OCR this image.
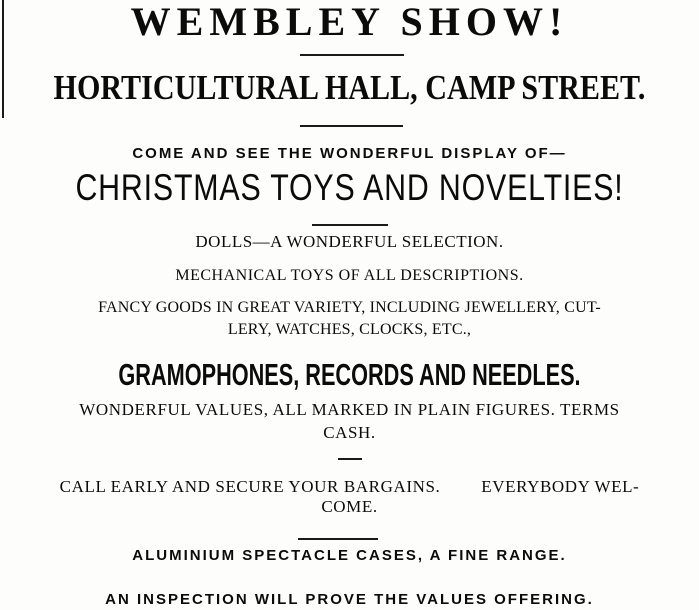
WEMBLEY SHOW!
HORTICULTURAL HALL, CAMP STREET.
COME AND SEE THE WONDERFUL DISPLAY OF—
CHRISTMAS TOYS AND NOVELTIES!
DOLLS—A WONDERFUL SELECTION.
MECHANICAL TOYS OF ALL DESCRIPTIONS.
FANCY GOODS IN GREAT VARIETY, INCLUDING JEWELLERY, CUT-
LERY, WATCHES, CLOCKS, ETC.,
GRAMOPHONES, RECORDS AND NEEDLES.
WONDERFUL VALUES, ALL MARKED IN PLAIN FIGURES. TERMS
CASH.
CALL EARLY AND SECURE YOUR BARGAINS. EVERYBODY WEL-
COME.
ALUMINIUM SPECTACLE CASES, A FINE RANGE.
AN INSPECTION WILL PROVE THE VALUES OFFERING.
